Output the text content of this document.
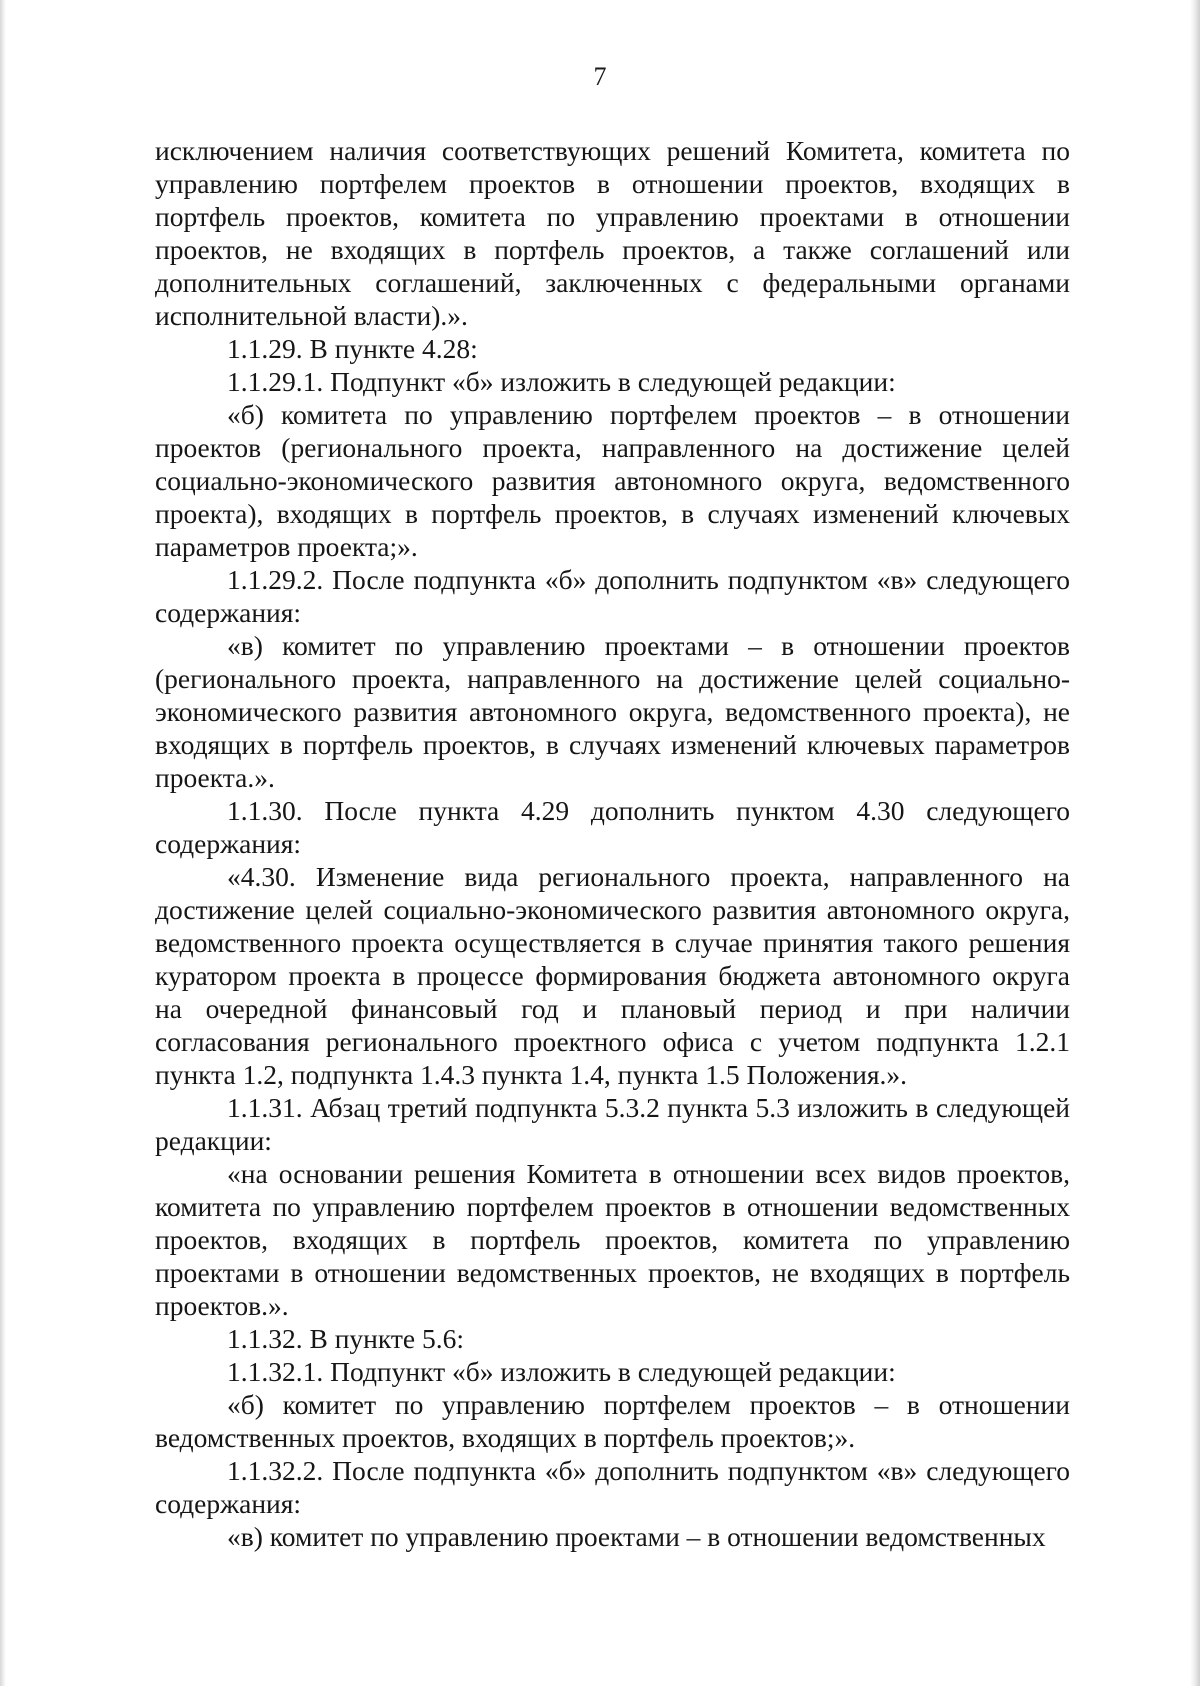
7

исключением наличия соответствующих решений Комитета, комитета по управлению портфелем проектов в отношении проектов, входящих в портфель проектов, комитета по управлению проектами в отношении проектов, не входящих в портфель проектов, а также соглашений или дополнительных соглашений, заключенных с федеральными органами исполнительной власти).».

1.1.29. В пункте 4.28:

1.1.29.1. Подпункт «б» изложить в следующей редакции:

«б) комитета по управлению портфелем проектов – в отношении проектов (регионального проекта, направленного на достижение целей социально-экономического развития автономного округа, ведомственного проекта), входящих в портфель проектов, в случаях изменений ключевых параметров проекта;».

1.1.29.2. После подпункта «б» дополнить подпунктом «в» следующего содержания:

«в) комитет по управлению проектами – в отношении проектов (регионального проекта, направленного на достижение целей социально-экономического развития автономного округа, ведомственного проекта), не входящих в портфель проектов, в случаях изменений ключевых параметров проекта.».

1.1.30. После пункта 4.29 дополнить пунктом 4.30 следующего содержания:

«4.30. Изменение вида регионального проекта, направленного на достижение целей социально-экономического развития автономного округа, ведомственного проекта осуществляется в случае принятия такого решения куратором проекта в процессе формирования бюджета автономного округа на очередной финансовый год и плановый период и при наличии согласования регионального проектного офиса с учетом подпункта 1.2.1 пункта 1.2, подпункта 1.4.3 пункта 1.4, пункта 1.5 Положения.».

1.1.31. Абзац третий подпункта 5.3.2 пункта 5.3 изложить в следующей редакции:

«на основании решения Комитета в отношении всех видов проектов, комитета по управлению портфелем проектов в отношении ведомственных проектов, входящих в портфель проектов, комитета по управлению проектами в отношении ведомственных проектов, не входящих в портфель проектов.».

1.1.32. В пункте 5.6:

1.1.32.1. Подпункт «б» изложить в следующей редакции:

«б) комитет по управлению портфелем проектов – в отношении ведомственных проектов, входящих в портфель проектов;».

1.1.32.2. После подпункта «б» дополнить подпунктом «в» следующего содержания:

«в) комитет по управлению проектами – в отношении ведомственных
